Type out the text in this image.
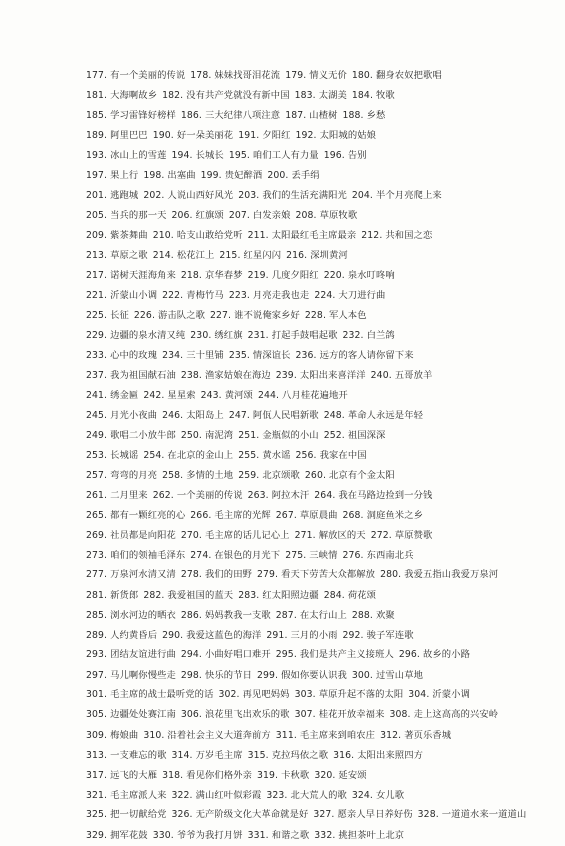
177. 有一个美丽的传说 178. 妹妹找哥泪花流 179. 情义无价 180. 翻身农奴把歌唱
181. 大海啊故乡 182. 没有共产党就没有新中国 183. 太湖美 184. 牧歌
185. 学习雷锋好榜样 186. 三大纪律八项注意 187. 山楂树 188. 乡愁
189. 阿里巴巴 190. 好一朵美丽花 191. 夕阳红 192. 太阳城的姑娘
193. 冰山上的雪莲 194. 长城长 195. 咱们工人有力量 196. 告别
197. 果上行 198. 出塞曲 199. 贵妃醉酒 200. 丢手绢
201. 逃跑城 202. 人说山西好风光 203. 我们的生活充满阳光 204. 半个月亮爬上来
205. 当兵的那一天 206. 红旗颂 207. 白发亲娘 208. 草原牧歌
209. 紫茶舞曲 210. 哈支山敢给党听 211. 太阳最红毛主席最亲 212. 共和国之恋
213. 草原之歌 214. 松花江上 215. 红星闪闪 216. 深圳黄河
217. 诺树天涯海角来 218. 京华春梦 219. 几度夕阳红 220. 泉水叮咚响
221. 沂蒙山小调 222. 青梅竹马 223. 月亮走我也走 224. 大刀进行曲
225. 长征 226. 游击队之歌 227. 谁不说俺家乡好 228. 军人本色
229. 边疆的泉水清又纯 230. 绣红旗 231. 打起手鼓唱起歌 232. 白兰鸽
233. 心中的玫瑰 234. 三十里铺 235. 情深谊长 236. 远方的客人请你留下来
237. 我为祖国献石油 238. 渔家姑娘在海边 239. 太阳出来喜洋洋 240. 五哥放羊
241. 绣金匾 242. 星星索 243. 黄河颂 244. 八月桂花遍地开
245. 月光小夜曲 246. 太阳岛上 247. 阿佤人民唱新歌 248. 革命人永远是年轻
249. 歌唱二小放牛郎 250. 南泥湾 251. 金瓶似的小山 252. 祖国深深
253. 长城谣 254. 在北京的金山上 255. 黄水谣 256. 我家在中国
257. 弯弯的月亮 258. 多情的土地 259. 北京颂歌 260. 北京有个金太阳
261. 二月里来 262. 一个美丽的传说 263. 阿拉木汗 264. 我在马路边捡到一分钱
265. 都有一颗红亮的心 266. 毛主席的光辉 267. 草原晨曲 268. 洞庭鱼米之乡
269. 社员都是向阳花 270. 毛主席的话儿记心上 271. 解放区的天 272. 草原赞歌
273. 咱们的领袖毛泽东 274. 在银色的月光下 275. 三峡情 276. 东西南北兵
277. 万泉河水清又清 278. 我们的田野 279. 看天下劳苦大众都解放 280. 我爱五指山我爱万泉河
281. 新货郎 282. 我爱祖国的蓝天 283. 红太阳照边疆 284. 荷花颂
285. 浏水河边的晒衣 286. 妈妈教我一支歌 287. 在太行山上 288. 欢聚
289. 人约黄昏后 290. 我爱这蓝色的海洋 291. 三月的小雨 292. 骏子军连歌
293. 团结友谊进行曲 294. 小曲好唱口难开 295. 我们是共产主义接班人 296. 故乡的小路
297. 马儿啊你慢些走 298. 快乐的节日 299. 假如你要认识我 300. 过雪山草地
301. 毛主席的战士最听党的话 302. 再见吧妈妈 303. 草原升起不落的太阳 304. 沂蒙小调
305. 边疆处处赛江南 306. 浪花里飞出欢乐的歌 307. 桂花开放幸福来 308. 走上这高高的兴安岭
309. 梅娘曲 310. 沿着社会主义大道奔前方 311. 毛主席来到咱农庄 312. 著页乐香城
313. 一支难忘的歌 314. 万岁毛主席 315. 克拉玛依之歌 316. 太阳出来照四方
317. 远飞的大雁 318. 看见你们格外亲 319. 卡秋歌 320. 延安颂
321. 毛主席派人来 322. 满山红叶似彩霞 323. 北大荒人的歌 324. 女儿歌
325. 把一切献给党 326. 无产阶级文化大革命就是好 327. 愿亲人早日养好伤 328. 一道道水来一道道山
329. 拥军花鼓 330. 爷爷为我打月饼 331. 和谐之歌 332. 挑担茶叶上北京
